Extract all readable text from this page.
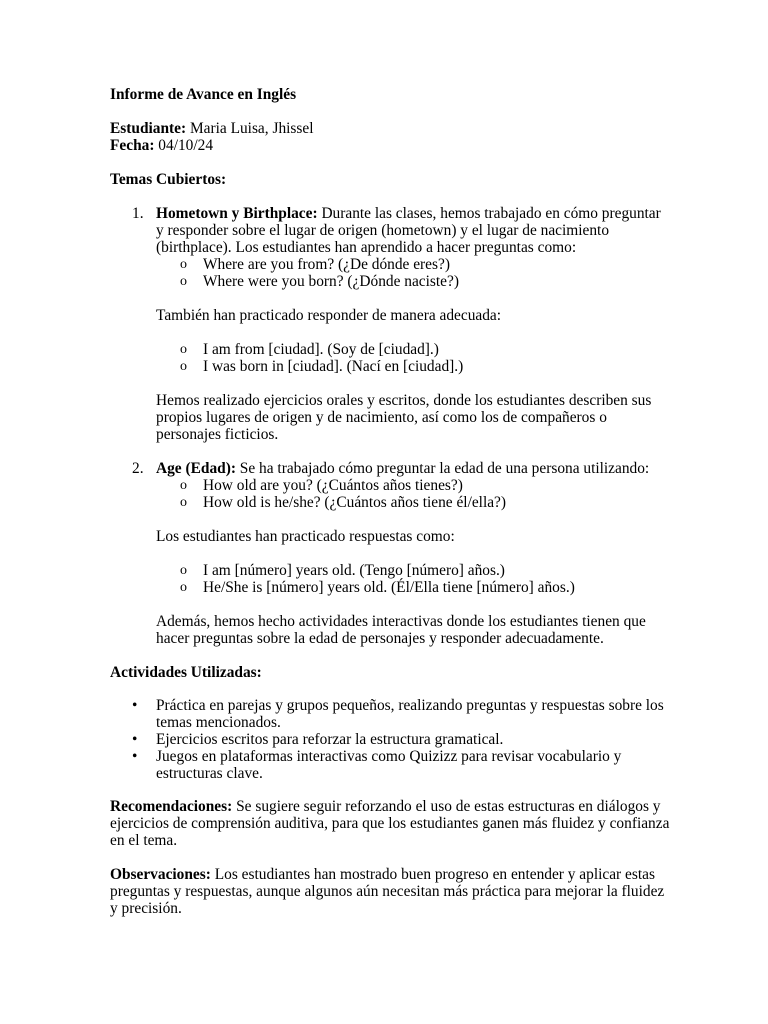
Informe de Avance en Inglés

Estudiante: Maria Luisa, Jhissel

Fecha: 04/10/24

Temas Cubiertos:

1. Hometown y Birthplace: Durante las clases, hemos trabajado en cómo preguntar y responder sobre el lugar de origen (hometown) y el lugar de nacimiento (birthplace). Los estudiantes han aprendido a hacer preguntas como:

o Where are you from? (¿De dónde eres?)

o Where were you born? (¿Dónde naciste?)

También han practicado responder de manera adecuada:

o I am from [ciudad]. (Soy de [ciudad].)

o I was born in [ciudad]. (Nací en [ciudad].)

Hemos realizado ejercicios orales y escritos, donde los estudiantes describen sus propios lugares de origen y de nacimiento, así como los de compañeros o personajes ficticios.

2. Age (Edad): Se ha trabajado cómo preguntar la edad de una persona utilizando:

o How old are you? (¿Cuántos años tienes?)

o How old is he/she? (¿Cuántos años tiene él/ella?)

Los estudiantes han practicado respuestas como:

o I am [número] years old. (Tengo [número] años.)

o He/She is [número] years old. (Él/Ella tiene [número] años.)

Además, hemos hecho actividades interactivas donde los estudiantes tienen que hacer preguntas sobre la edad de personajes y responder adecuadamente.

Actividades Utilizadas:

• Práctica en parejas y grupos pequeños, realizando preguntas y respuestas sobre los temas mencionados.

• Ejercicios escritos para reforzar la estructura gramatical.

• Juegos en plataformas interactivas como Quizizz para revisar vocabulario y estructuras clave.

Recomendaciones: Se sugiere seguir reforzando el uso de estas estructuras en diálogos y ejercicios de comprensión auditiva, para que los estudiantes ganen más fluidez y confianza en el tema.

Observaciones: Los estudiantes han mostrado buen progreso en entender y aplicar estas preguntas y respuestas, aunque algunos aún necesitan más práctica para mejorar la fluidez y precisión.
